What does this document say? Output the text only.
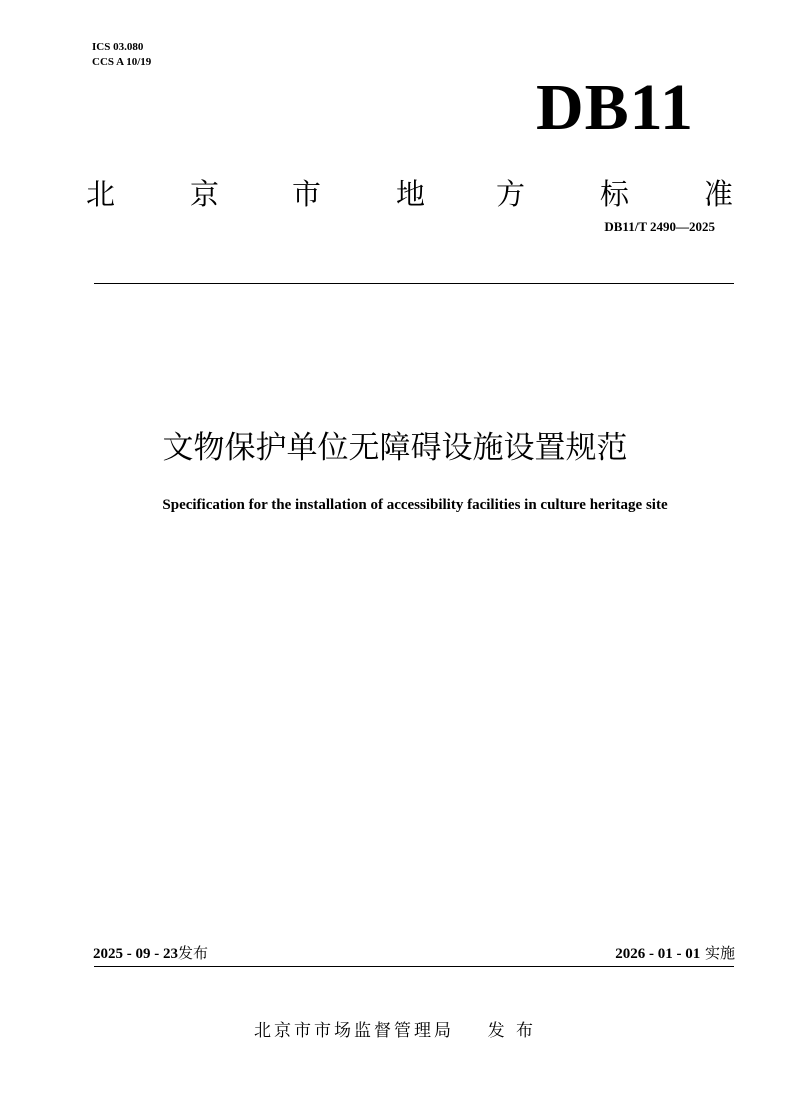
ICS 03.080
CCS A 10/19
DB11
北	京	市	地 方	标	准
DB11/T 2490—2025
文物保护单位无障碍设施设置规范
Specification for the installation of accessibility facilities in culture heritage site
2025 - 09 - 23发布	2026 - 01 - 01 实施
北京市市场监督管理局 发 布
